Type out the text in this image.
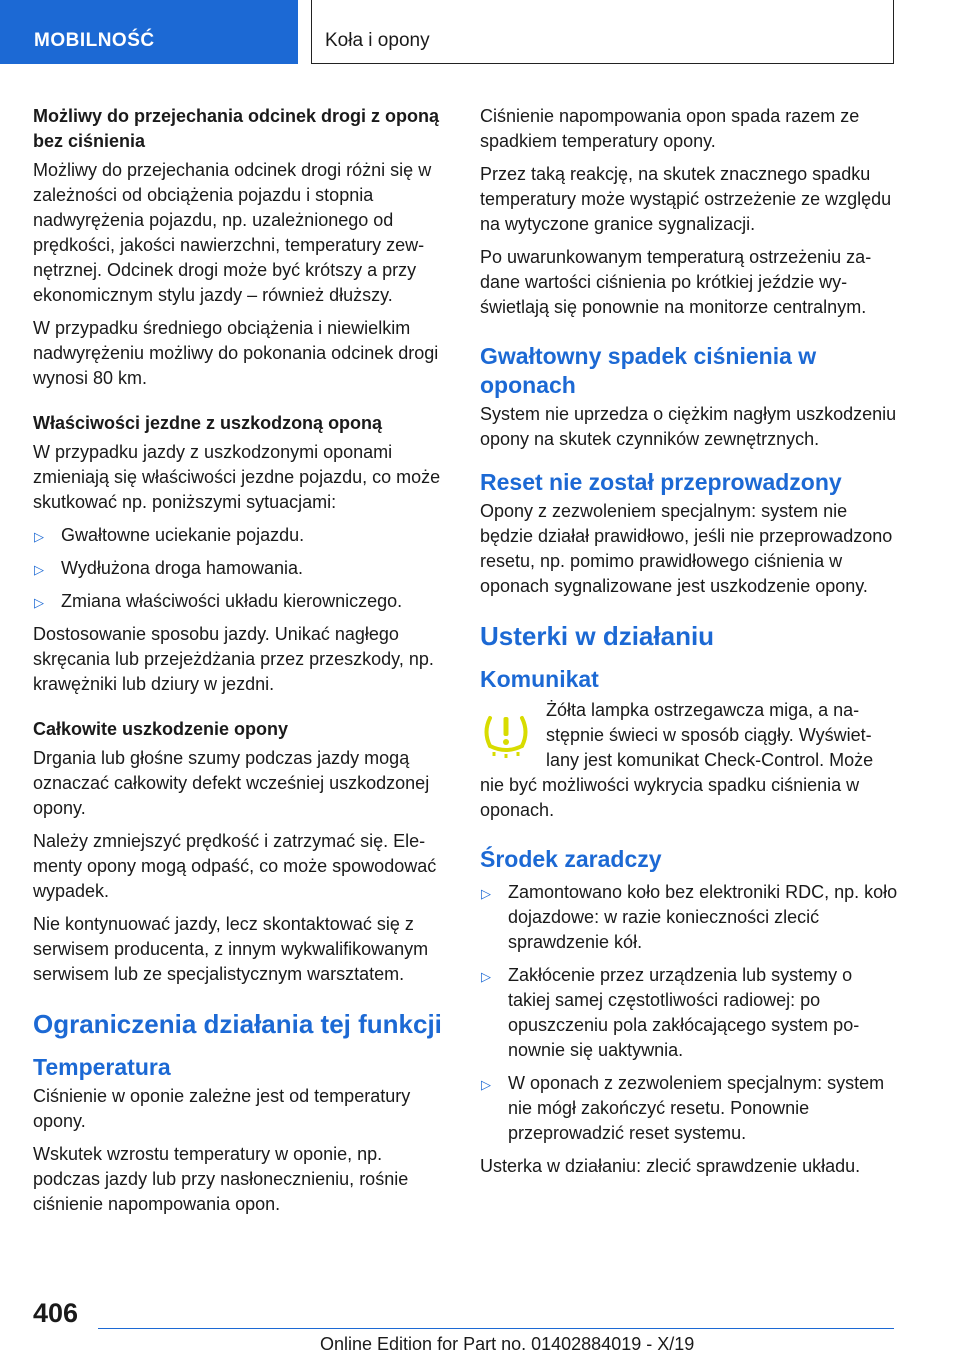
MOBILNOŚĆ	Koła i opony

Możliwy do przejechania odcinek drogi z oponą bez ciśnienia

Możliwy do przejechania odcinek drogi różni się w zależności od obciążenia pojazdu i stopnia nadwyrężenia pojazdu, np. uzależnionego od prędkości, jakości nawierzchni, temperatury zewnętrznej. Odcinek drogi może być krótszy a przy ekonomicznym stylu jazdy – również dłuższy.

W przypadku średniego obciążenia i niewielkim nadwyrężeniu możliwy do pokonania odcinek drogi wynosi 80 km.

Właściwości jezdne z uszkodzoną oponą

W przypadku jazdy z uszkodzonymi oponami zmieniają się właściwości jezdne pojazdu, co może skutkować np. poniższymi sytuacjami:

▷ Gwałtowne uciekanie pojazdu.
▷ Wydłużona droga hamowania.
▷ Zmiana właściwości układu kierowniczego.

Dostosowanie sposobu jazdy. Unikać nagłego skręcania lub przejeżdżania przez przeszkody, np. krawężniki lub dziury w jezdni.

Całkowite uszkodzenie opony

Drgania lub głośne szumy podczas jazdy mogą oznaczać całkowity defekt wcześniej uszkodzonej opony.

Należy zmniejszyć prędkość i zatrzymać się. Elementy opony mogą odpaść, co może spowodować wypadek.

Nie kontynuować jazdy, lecz skontaktować się z serwisem producenta, z innym wykwalifikowanym serwisem lub ze specjalistycznym warsztatem.

Ograniczenia działania tej funkcji
Temperatura

Ciśnienie w oponie zależne jest od temperatury opony.

Wskutek wzrostu temperatury w oponie, np. podczas jazdy lub przy nasłonecznieniu, rośnie ciśnienie napompowania opon.

Ciśnienie napompowania opon spada razem ze spadkiem temperatury opony.

Przez taką reakcję, na skutek znacznego spadku temperatury może wystąpić ostrzeżenie ze względu na wytyczone granice sygnalizacji.

Po uwarunkowanym temperaturą ostrzeżeniu zadane wartości ciśnienia po krótkiej jeździe wyświetlają się ponownie na monitorze centralnym.

Gwałtowny spadek ciśnienia w oponach

System nie uprzedza o ciężkim nagłym uszkodzeniu opony na skutek czynników zewnętrznych.

Reset nie został przeprowadzony

Opony z zezwoleniem specjalnym: system nie będzie działał prawidłowo, jeśli nie przeprowadzono resetu, np. pomimo prawidłowego ciśnienia w oponach sygnalizowane jest uszkodzenie opony.

Usterki w działaniu
Komunikat

Żółta lampka ostrzegawcza miga, a następnie świeci w sposób ciągły. Wyświetlany jest komunikat Check-Control. Może nie być możliwości wykrycia spadku ciśnienia w oponach.

Środek zaradczy
▷ Zamontowano koło bez elektroniki RDC, np. koło dojazdowe: w razie konieczności zlecić sprawdzenie kół.
▷ Zakłócenie przez urządzenia lub systemy o takiej samej częstotliwości radiowej: po opuszczeniu pola zakłócającego system ponownie się uaktywnia.
▷ W oponach z zezwoleniem specjalnym: system nie mógł zakończyć resetu. Ponownie przeprowadzić reset systemu.

Usterka w działaniu: zlecić sprawdzenie układu.

406
Online Edition for Part no. 01402884019 - X/19
